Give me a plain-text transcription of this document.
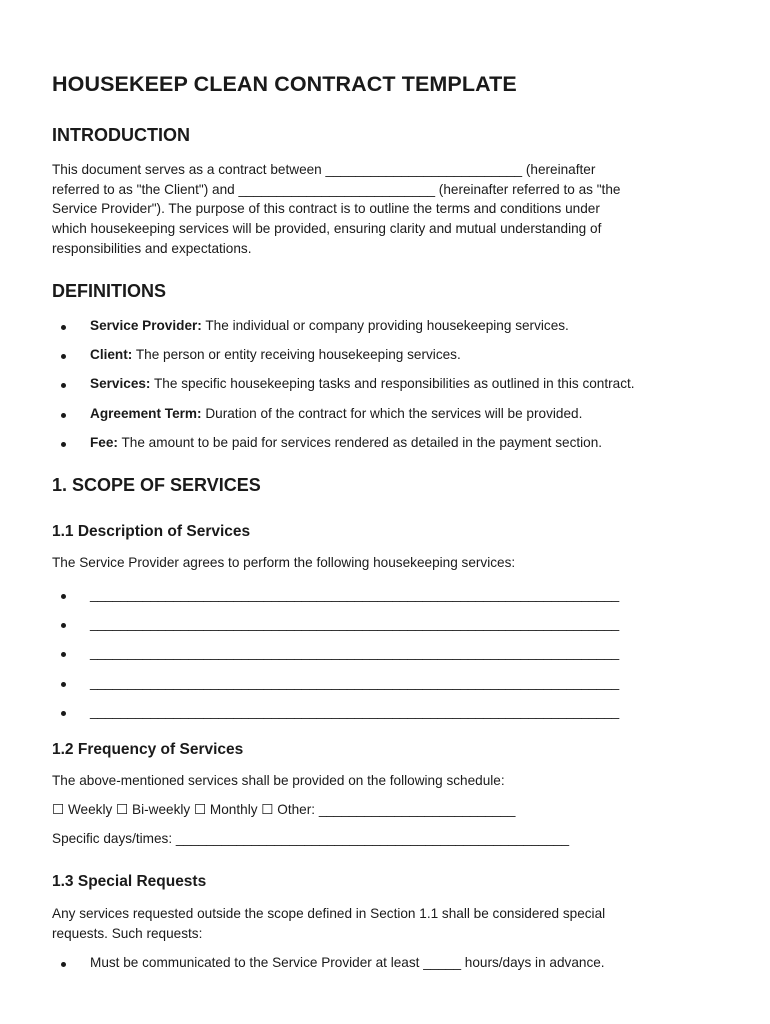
HOUSEKEEP CLEAN CONTRACT TEMPLATE
INTRODUCTION
This document serves as a contract between __________________________ (hereinafter
referred to as "the Client") and __________________________ (hereinafter referred to as "the
Service Provider"). The purpose of this contract is to outline the terms and conditions under
which housekeeping services will be provided, ensuring clarity and mutual understanding of
responsibilities and expectations.
DEFINITIONS
Service Provider: The individual or company providing housekeeping services.
Client: The person or entity receiving housekeeping services.
Services: The specific housekeeping tasks and responsibilities as outlined in this contract.
Agreement Term: Duration of the contract for which the services will be provided.
Fee: The amount to be paid for services rendered as detailed in the payment section.
1. SCOPE OF SERVICES
1.1 Description of Services
The Service Provider agrees to perform the following housekeeping services:
______________________________________________________________________
______________________________________________________________________
______________________________________________________________________
______________________________________________________________________
______________________________________________________________________
1.2 Frequency of Services
The above-mentioned services shall be provided on the following schedule:
☐ Weekly ☐ Bi-weekly ☐ Monthly ☐ Other: __________________________
Specific days/times: ____________________________________________________
1.3 Special Requests
Any services requested outside the scope defined in Section 1.1 shall be considered special
requests. Such requests:
Must be communicated to the Service Provider at least _____ hours/days in advance.
